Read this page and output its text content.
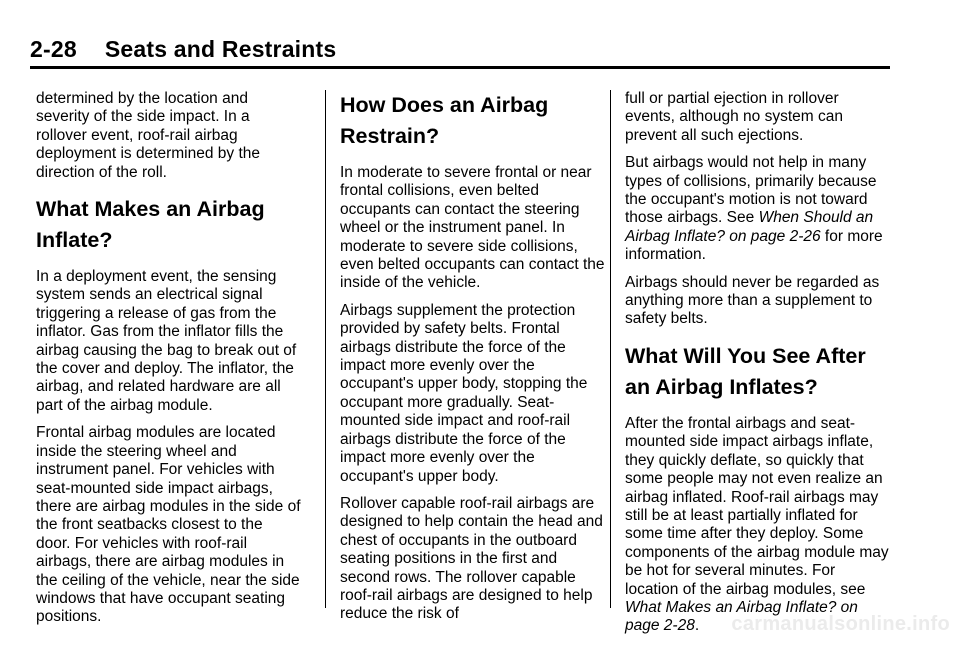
2-28 Seats and Restraints

determined by the location and severity of the side impact. In a rollover event, roof-rail airbag deployment is determined by the direction of the roll.

What Makes an Airbag
Inflate?

In a deployment event, the sensing system sends an electrical signal triggering a release of gas from the inflator. Gas from the inflator fills the airbag causing the bag to break out of the cover and deploy. The inflator, the airbag, and related hardware are all part of the airbag module.

Frontal airbag modules are located inside the steering wheel and instrument panel. For vehicles with seat-mounted side impact airbags, there are airbag modules in the side of the front seatbacks closest to the door. For vehicles with roof-rail airbags, there are airbag modules in the ceiling of the vehicle, near the side windows that have occupant seating positions.

How Does an Airbag
Restrain?

In moderate to severe frontal or near frontal collisions, even belted occupants can contact the steering wheel or the instrument panel. In moderate to severe side collisions, even belted occupants can contact the inside of the vehicle.

Airbags supplement the protection provided by safety belts. Frontal airbags distribute the force of the impact more evenly over the occupant's upper body, stopping the occupant more gradually. Seat-mounted side impact and roof-rail airbags distribute the force of the impact more evenly over the occupant's upper body.

Rollover capable roof-rail airbags are designed to help contain the head and chest of occupants in the outboard seating positions in the first and second rows. The rollover capable roof-rail airbags are designed to help reduce the risk of

full or partial ejection in rollover events, although no system can prevent all such ejections.

But airbags would not help in many types of collisions, primarily because the occupant's motion is not toward those airbags. See When Should an Airbag Inflate? on page 2-26 for more information.

Airbags should never be regarded as anything more than a supplement to safety belts.

What Will You See After
an Airbag Inflates?

After the frontal airbags and seat-mounted side impact airbags inflate, they quickly deflate, so quickly that some people may not even realize an airbag inflated. Roof-rail airbags may still be at least partially inflated for some time after they deploy. Some components of the airbag module may be hot for several minutes. For location of the airbag modules, see What Makes an Airbag Inflate? on page 2-28.	carmanualsonline.info
